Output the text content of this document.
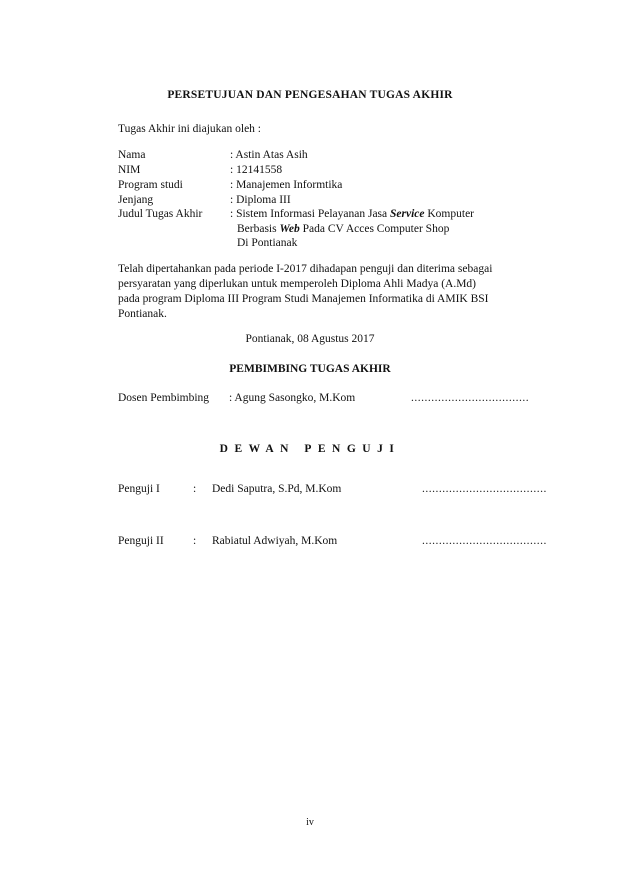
PERSETUJUAN DAN PENGESAHAN TUGAS AKHIR
Tugas Akhir ini diajukan oleh :
Nama	: Astin Atas Asih
NIM	: 12141558
Program studi	: Manajemen Informtika
Jenjang	: Diploma III
Judul Tugas Akhir : Sistem Informasi Pelayanan Jasa Service Komputer
Berbasis Web Pada CV Acces Computer Shop
Di Pontianak
Telah dipertahankan pada periode I-2017 dihadapan penguji dan diterima sebagai
persyaratan yang diperlukan untuk memperoleh Diploma Ahli Madya (A.Md)
pada program Diploma III Program Studi Manajemen Informatika di AMIK BSI
Pontianak.
Pontianak, 08 Agustus 2017
PEMBIMBING TUGAS AKHIR
Dosen Pembimbing : Agung Sasongko, M.Kom	...................................
DEWAN PENGUJI
Penguji I	: Dedi Saputra, S.Pd, M.Kom	.....................................
Penguji II	: Rabiatul Adwiyah, M.Kom	.....................................
iv
